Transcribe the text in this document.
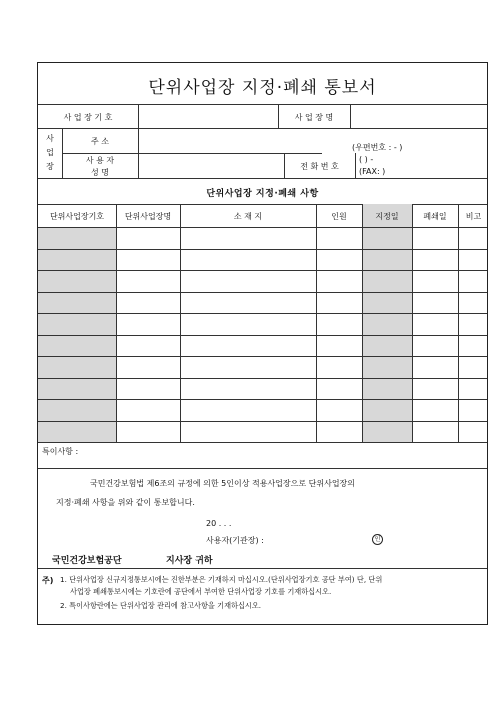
단위사업장 지정·폐쇄 통보서
사 업 장 기 호	사 업 장 명
사
업
장
주 소
(우편번호 : - )
사 용 자
성 명
전 화 번 호
( ) -
(FAX: )
단위사업장 지정·폐쇄 사항
특이사항 :
국민건강보험법 제6조의 규정에 의한 5인이상 적용사업장으로 단위사업장의
지정·폐쇄 사항을 위와 같이 통보합니다.
20 . . .
사용자(기관장) :	인
국민건강보험공단	지사장 귀하
주) 1. 단위사업장 신규지정통보시에는 진한부분은 기재하지 마십시오.(단위사업장기호 공단 부여) 단, 단위
사업장 폐쇄통보시에는 기호란에 공단에서 부여한 단위사업장 기호를 기재하십시오.
2. 특이사항란에는 단위사업장 관리에 참고사항을 기재하십시오.
단위사업장기호	단위사업장명	소 재 지	인원	지정일	폐쇄일	비고
